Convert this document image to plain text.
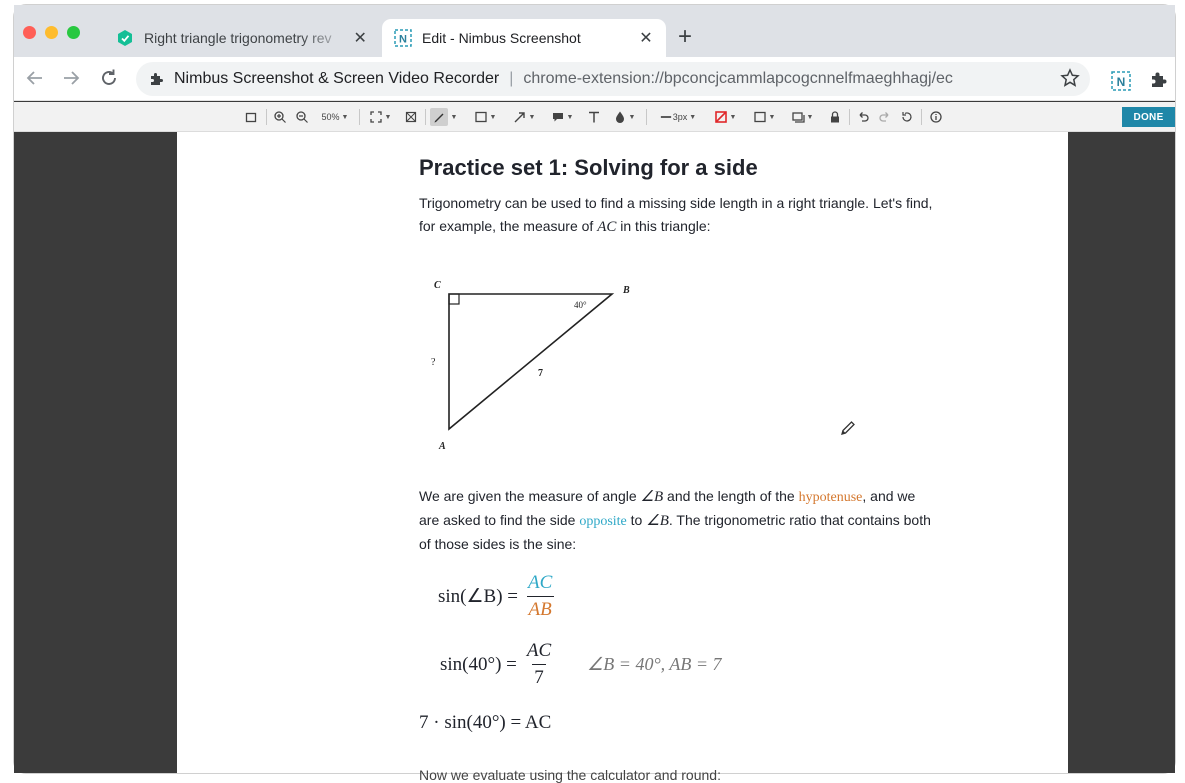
Right triangle trigonometry rev	✕	N Edit - Nimbus Screenshot	✕ +
Nimbus Screenshot & Screen Video Recorder | chrome-extension://bpconcjcammlapcogcnnelfmaeghhagj/ec	N
50% ▼	▼	▼	▼	▼	▼	▼	3px ▼	▼	▼	▼	DONE
Practice set 1: Solving for a side

Trigonometry can be used to find a missing side length in a right triangle. Let's find, for example, the measure of AC in this triangle:

C	B
A
40°
?
7

We are given the measure of angle ∠B and the length of the hypotenuse, and we are asked to find the side opposite to ∠B. The trigonometric ratio that contains both of those sides is the sine:

sin(∠B) = $\frac{AC}{AB}$
$\sin(40^\circ) = \frac{AC}{7}$ ∠B = 40°, AB = 7
7 · sin(40°) = AC
Now we evaluate using the calculator and round:
